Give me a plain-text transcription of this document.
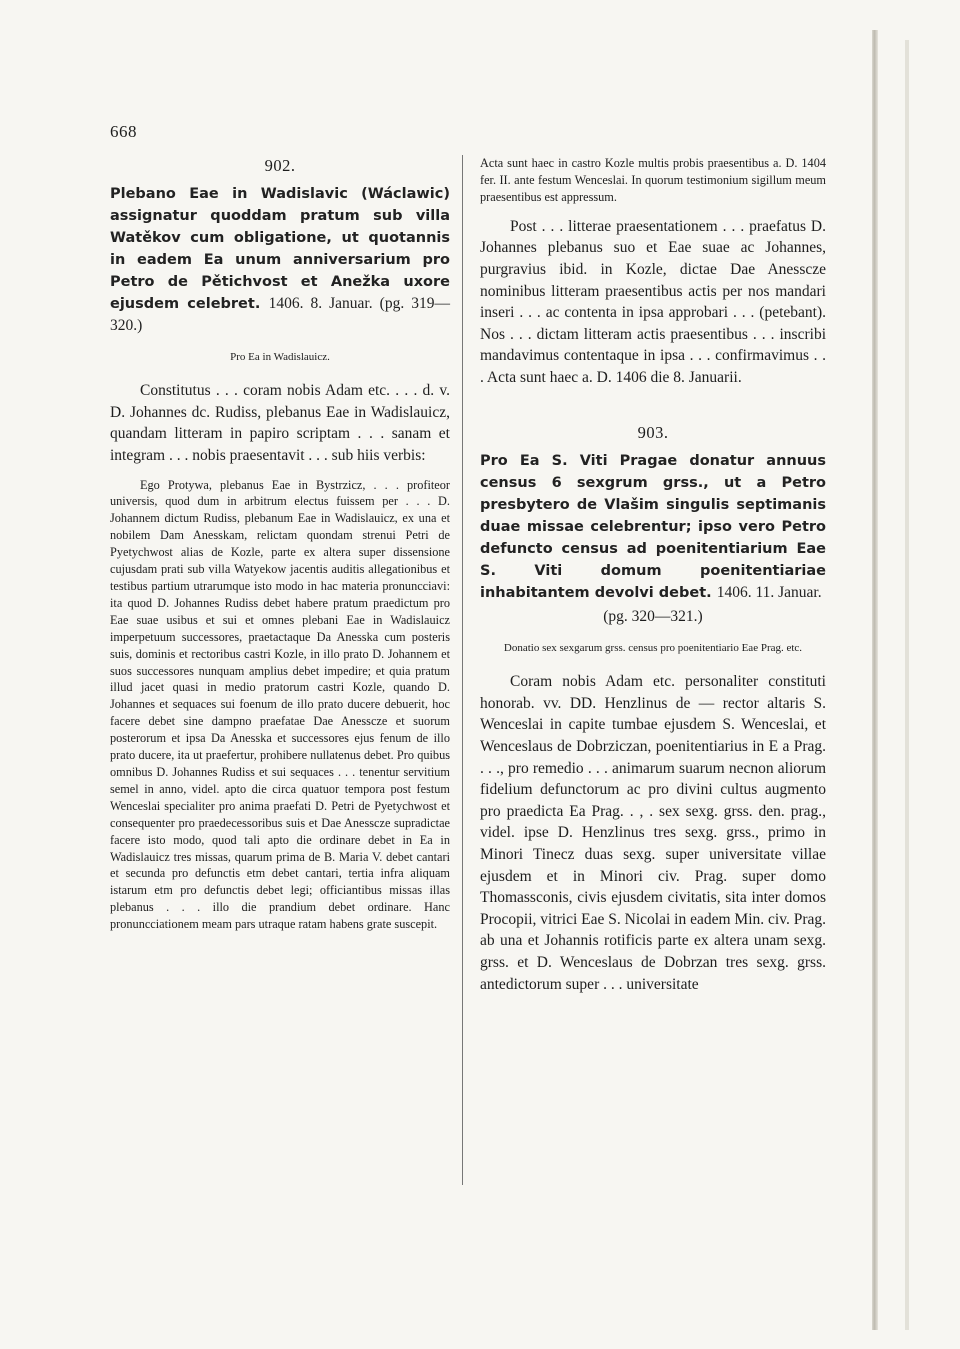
668
902.

Plebano Eae in Wadislavic (Wáclawic) assignatur quoddam pratum sub villa Watěkov cum obligatione, ut quotannis in eadem Ea unum anniversarium pro Petro de Pětichvost et Anežka uxore ejusdem celebret. 1406. 8. Januar. (pg. 319—320.)

Pro Ea in Wadislauicz.

Constitutus . . . coram nobis Adam etc. . . . d. v. D. Johannes dc. Rudiss, plebanus Eae in Wadislauicz, quandam litteram in papiro scriptam . . . sanam et integram . . . nobis praesentavit . . . sub hiis verbis:

Ego Protywa, plebanus Eae in Bystrzicz, . . . profiteor universis, quod dum in arbitrum electus fuissem per . . . D. Johannem dictum Rudiss, plebanum Eae in Wadislauicz, ex una et nobilem Dam Anesskam, relictam quondam strenui Petri de Pyetychwost alias de Kozle, parte ex altera super dissensione cujusdam prati sub villa Watyekow jacentis auditis allegationibus et testibus partium utrarumque isto modo in hac materia pronuncciavi: ita quod D. Johannes Rudiss debet habere pratum praedictum pro Eae suae usibus et sui et omnes plebani Eae in Wadislauicz imperpetuum successores, praetactaque Da Anesska cum posteris suis, dominis et rectoribus castri Kozle, in illo prato D. Johannem et suos successores nunquam amplius debet impedire; et quia pratum illud jacet quasi in medio pratorum castri Kozle, quando D. Johannes et sequaces sui foenum de illo prato ducere debuerit, hoc facere debet sine dampno praefatae Dae Anessczе et suorum posterorum et ipsa Da Anesska et successores ejus fenum de illo prato ducere, ita ut praefertur, prohibere nullatenus debet. Pro quibus omnibus D. Johannes Rudiss et sui sequaces . . . tenentur servitium semel in anno, videl. apto die circa quatuor tempora post festum Wenceslai specialiter pro anima praefati D. Petri de Pyetychwost et consequenter pro praedecessoribus suis et Dae Anesscze supradictae facere isto modo, quod tali apto die ordinare debet in Ea in Wadislauicz tres missas, quarum prima de B. Maria V. debet cantari et secunda pro defunctis etm debet cantari, tertia infra aliquam istarum etm pro defunctis debet legi; officiantibus missas illas plebanus . . . illo die prandium debet ordinare. Hanc pronuncciationem meam pars utraque ratam habens grate suscepit.

Acta sunt haec in castro Kozle multis probis praesentibus a. D. 1404 fer. II. ante festum Wenceslai. In quorum testimonium sigillum meum praesentibus est appressum.

Post . . . litterae praesentationem . . . praefatus D. Johannes plebanus suo et Eae suae ac Johannes, purgravius ibid. in Kozle, dictae Dae Anessczе nominibus litteram praesentibus actis per nos mandari inseri . . . ac contenta in ipsa approbari . . . (petebant). Nos . . . dictam litteram actis praesentibus . . . inscribi mandavimus contentaque in ipsa . . . confirmavimus . . . Acta sunt haec a. D. 1406 die 8. Januarii.

903.

Pro Ea S. Viti Pragae donatur annuus census 6 sexgrum grss., ut a Petro presbytero de Vlašim singulis septimanis duae missae celebrentur; ipso vero Petro defuncto census ad poenitentiarium Eae S. Viti domum poenitentiariae inhabitantem devolvi debet. 1406. 11. Januar.

(pg. 320—321.)
Donatio sex sexgarum grss. census pro poenitentiario Eae Prag. etc.

Coram nobis Adam etc. personaliter constituti honorab. vv. DD. Henzlinus de — rector altaris S. Wenceslai in capite tumbae ejusdem S. Wenceslai, et Wenceslaus de Dobrziczan, poenitentiarius in E a Prag. . . ., pro remedio . . . animarum suarum necnon aliorum fidelium defunctorum ac pro divini cultus augmento pro praedicta Ea Prag. . , . sex sexg. grss. den. prag., videl. ipse D. Henzlinus tres sexg. grss., primo in Minori Tinecz duas sexg. super universitate villae ejusdem et in Minori civ. Prag. super domo Thomassconis, civis ejusdem civitatis, sita inter domos Procopii, vitrici Eae S. Nicolai in eadem Min. civ. Prag. ab una et Johannis rotificis parte ex altera unam sexg. grss. et D. Wenceslaus de Dobrzan tres sexg. grss. antedictorum super . . . universitate
